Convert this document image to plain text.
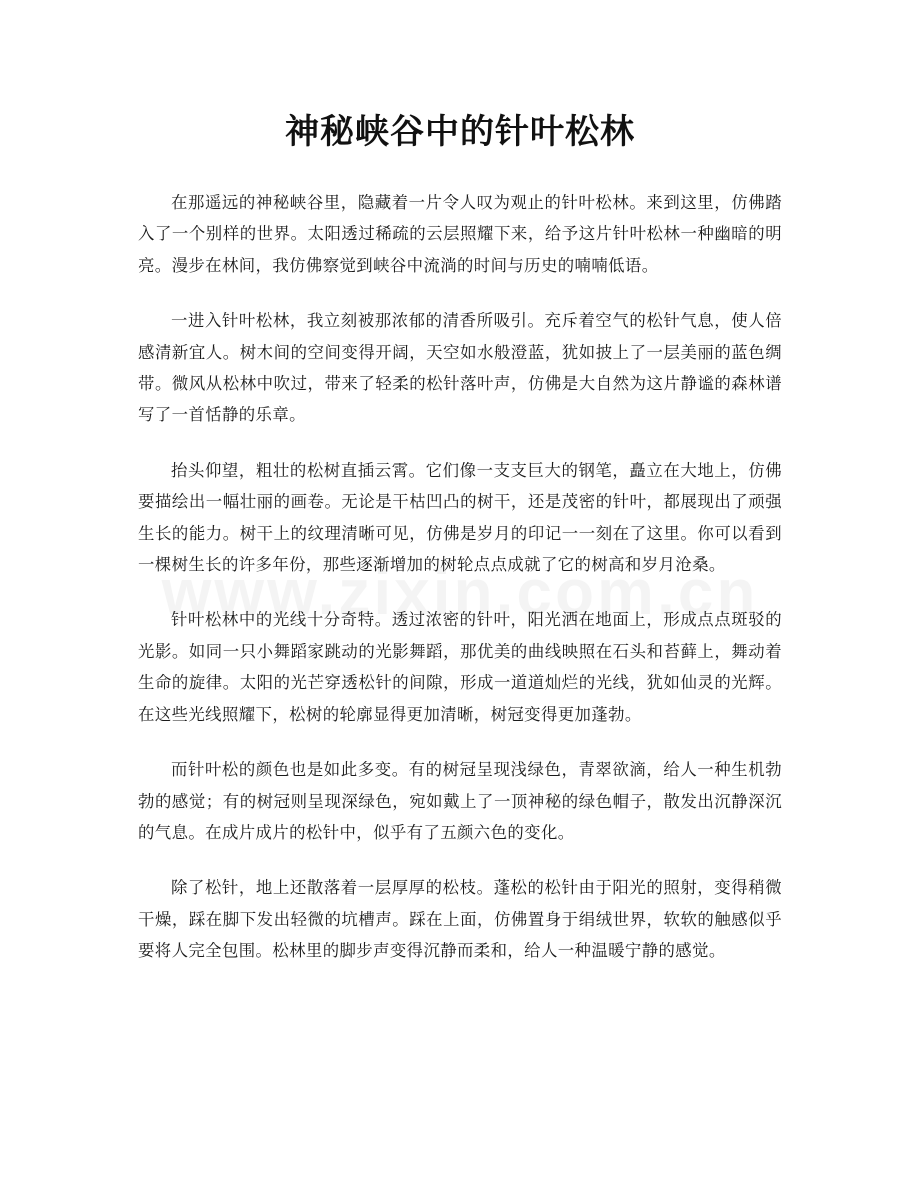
神秘峡谷中的针叶松林

在那遥远的神秘峡谷里，隐藏着一片令人叹为观止的针叶松林。来到这里，仿佛踏入了一个别样的世界。太阳透过稀疏的云层照耀下来，给予这片针叶松林一种幽暗的明亮。漫步在林间，我仿佛察觉到峡谷中流淌的时间与历史的喃喃低语。

一进入针叶松林，我立刻被那浓郁的清香所吸引。充斥着空气的松针气息，使人倍感清新宜人。树木间的空间变得开阔，天空如水般澄蓝，犹如披上了一层美丽的蓝色绸带。微风从松林中吹过，带来了轻柔的松针落叶声，仿佛是大自然为这片静谧的森林谱写了一首恬静的乐章。

抬头仰望，粗壮的松树直插云霄。它们像一支支巨大的钢笔，矗立在大地上，仿佛要描绘出一幅壮丽的画卷。无论是干枯凹凸的树干，还是茂密的针叶，都展现出了顽强生长的能力。树干上的纹理清晰可见，仿佛是岁月的印记一一刻在了这里。你可以看到一棵树生长的许多年份，那些逐渐增加的树轮点点成就了它的树高和岁月沧桑。

针叶松林中的光线十分奇特。透过浓密的针叶，阳光洒在地面上，形成点点斑驳的光影。如同一只小舞蹈家跳动的光影舞蹈，那优美的曲线映照在石头和苔藓上，舞动着生命的旋律。太阳的光芒穿透松针的间隙，形成一道道灿烂的光线，犹如仙灵的光辉。在这些光线照耀下，松树的轮廓显得更加清晰，树冠变得更加蓬勃。

而针叶松的颜色也是如此多变。有的树冠呈现浅绿色，青翠欲滴，给人一种生机勃勃的感觉；有的树冠则呈现深绿色，宛如戴上了一顶神秘的绿色帽子，散发出沉静深沉的气息。在成片成片的松针中，似乎有了五颜六色的变化。

除了松针，地上还散落着一层厚厚的松枝。蓬松的松针由于阳光的照射，变得稍微干燥，踩在脚下发出轻微的坑槽声。踩在上面，仿佛置身于绢绒世界，软软的触感似乎要将人完全包围。松林里的脚步声变得沉静而柔和，给人一种温暖宁静的感觉。
